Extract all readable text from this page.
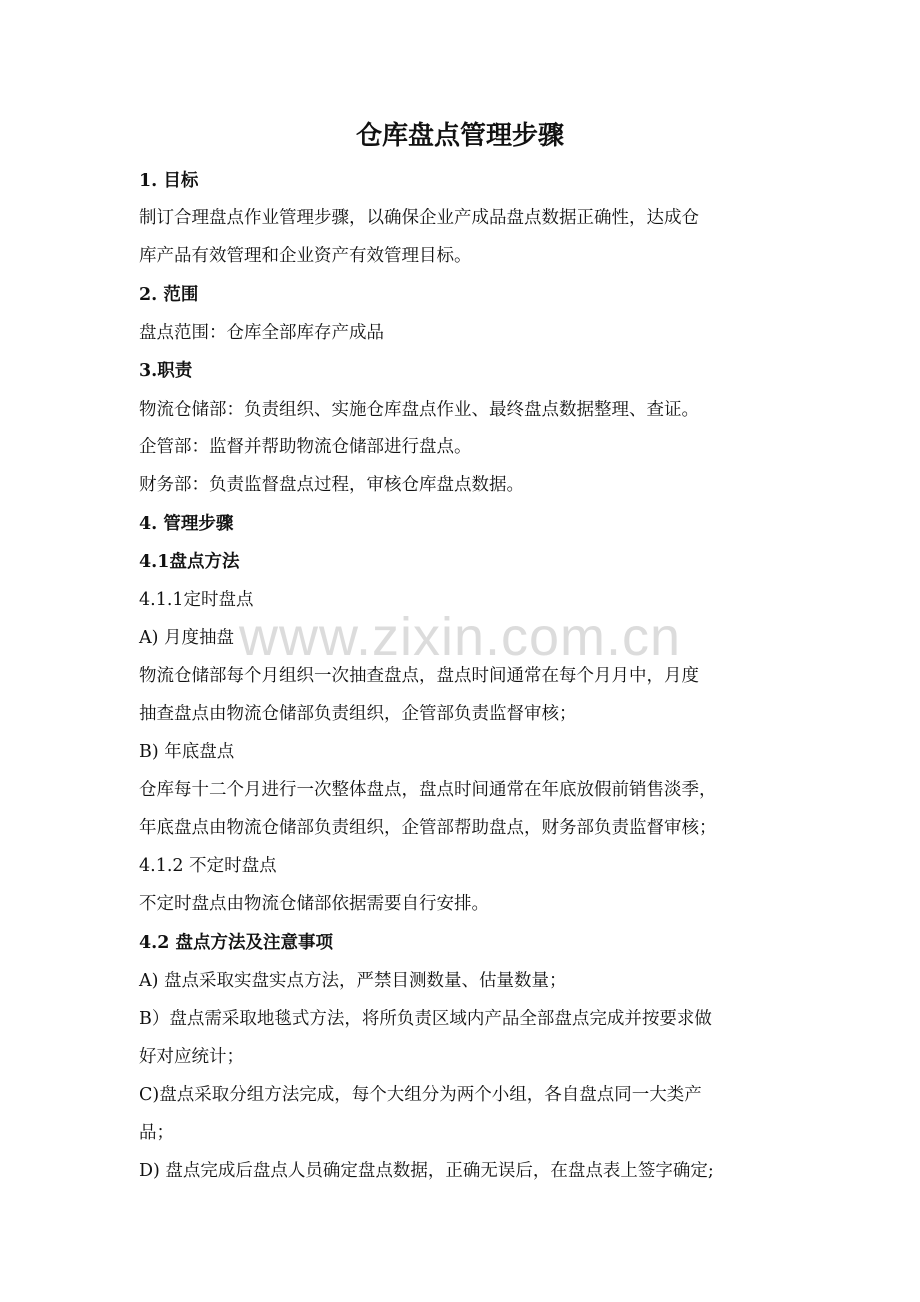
仓库盘点管理步骤
www.zixin.com.cn
1. 目标
制订合理盘点作业管理步骤，以确保企业产成品盘点数据正确性，达成仓
库产品有效管理和企业资产有效管理目标。
2. 范围
盘点范围：仓库全部库存产成品
3.职责
物流仓储部：负责组织、实施仓库盘点作业、最终盘点数据整理、查证。
企管部：监督并帮助物流仓储部进行盘点。
财务部：负责监督盘点过程，审核仓库盘点数据。
4. 管理步骤
4.1盘点方法
4.1.1定时盘点
A) 月度抽盘
物流仓储部每个月组织一次抽查盘点，盘点时间通常在每个月月中，月度
抽查盘点由物流仓储部负责组织，企管部负责监督审核；
B) 年底盘点
仓库每十二个月进行一次整体盘点，盘点时间通常在年底放假前销售淡季，
年底盘点由物流仓储部负责组织，企管部帮助盘点，财务部负责监督审核；
4.1.2 不定时盘点
不定时盘点由物流仓储部依据需要自行安排。
4.2 盘点方法及注意事项
A) 盘点采取实盘实点方法，严禁目测数量、估量数量；
B）盘点需采取地毯式方法，将所负责区域内产品全部盘点完成并按要求做
好对应统计；
C)盘点采取分组方法完成，每个大组分为两个小组，各自盘点同一大类产
品；
D) 盘点完成后盘点人员确定盘点数据，正确无误后，在盘点表上签字确定;
